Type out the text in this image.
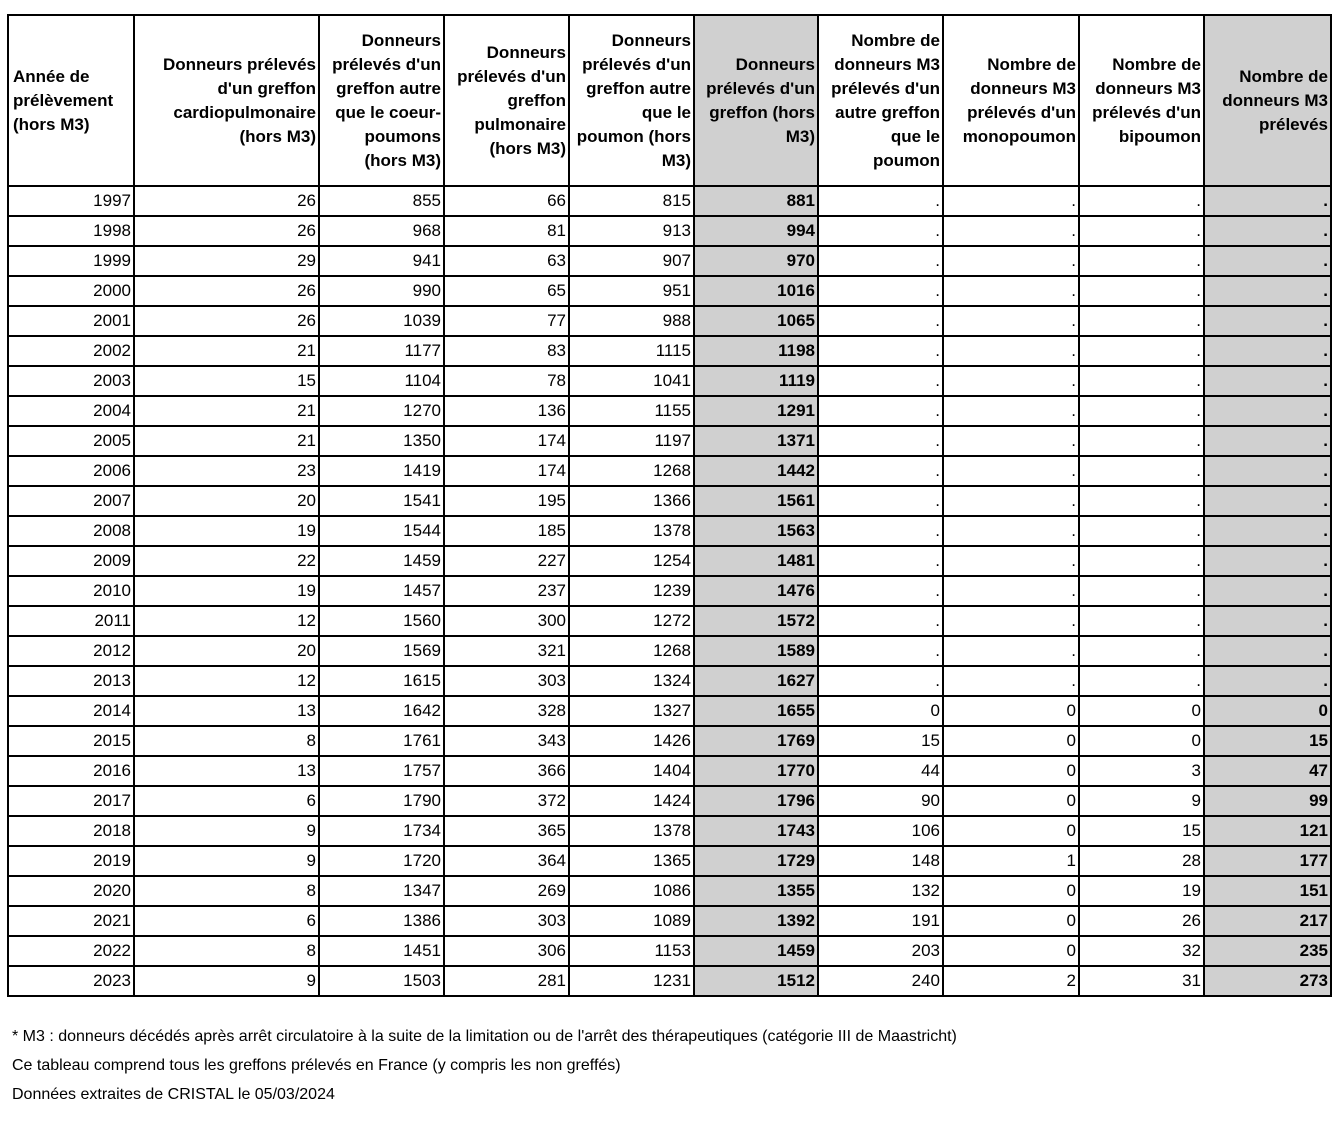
Année de prélèvement (hors M3)	Donneurs prélevés d'un greffon cardiopulmonaire (hors M3)	Donneurs prélevés d'un greffon autre que le coeur-poumons (hors M3)	Donneurs prélevés d'un greffon pulmonaire (hors M3)	Donneurs prélevés d'un greffon autre que le poumon (hors M3)	Donneurs prélevés d'un greffon (hors M3)	Nombre de donneurs M3 prélevés d'un autre greffon que le poumon	Nombre de donneurs M3 prélevés d'un monopoumon	Nombre de donneurs M3 prélevés d'un bipoumon	Nombre de donneurs M3 prélevés
1997	26	855	66	815	881	.	.	.	.
1998	26	968	81	913	994	.	.	.	.
1999	29	941	63	907	970	.	.	.	.
2000	26	990	65	951	1016	.	.	.	.
2001	26	1039	77	988	1065	.	.	.	.
2002	21	1177	83	1115	1198	.	.	.	.
2003	15	1104	78	1041	1119	.	.	.	.
2004	21	1270	136	1155	1291	.	.	.	.
2005	21	1350	174	1197	1371	.	.	.	.
2006	23	1419	174	1268	1442	.	.	.	.
2007	20	1541	195	1366	1561	.	.	.	.
2008	19	1544	185	1378	1563	.	.	.	.
2009	22	1459	227	1254	1481	.	.	.	.
2010	19	1457	237	1239	1476	.	.	.	.
2011	12	1560	300	1272	1572	.	.	.	.
2012	20	1569	321	1268	1589	.	.	.	.
2013	12	1615	303	1324	1627	.	.	.	.
2014	13	1642	328	1327	1655	0	0	0	0
2015	8	1761	343	1426	1769	15	0	0	15
2016	13	1757	366	1404	1770	44	0	3	47
2017	6	1790	372	1424	1796	90	0	9	99
2018	9	1734	365	1378	1743	106	0	15	121
2019	9	1720	364	1365	1729	148	1	28	177
2020	8	1347	269	1086	1355	132	0	19	151
2021	6	1386	303	1089	1392	191	0	26	217
2022	8	1451	306	1153	1459	203	0	32	235
2023	9	1503	281	1231	1512	240	2	31	273

* M3 : donneurs décédés après arrêt circulatoire à la suite de la limitation ou de l'arrêt des thérapeutiques (catégorie III de Maastricht)

Ce tableau comprend tous les greffons prélevés en France (y compris les non greffés)

Données extraites de CRISTAL le 05/03/2024
